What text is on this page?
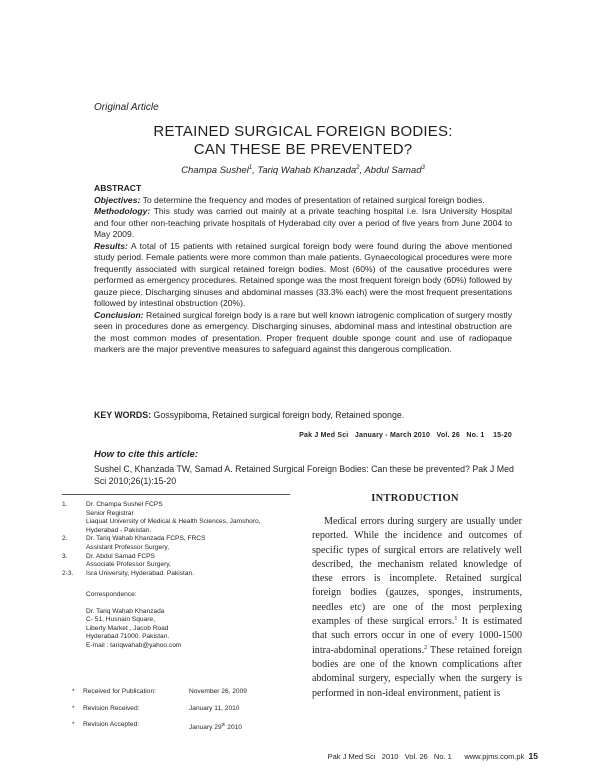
Original Article
RETAINED SURGICAL FOREIGN BODIES:
CAN THESE BE PREVENTED?
Champa Sushel$^1$, Tariq Wahab Khanzada$^2$, Abdul Samad$^3$

ABSTRACT

Objectives: To determine the frequency and modes of presentation of retained surgical foreign bodies.

Methodology: This study was carried out mainly at a private teaching hospital i.e. Isra University Hospital and four other non-teaching private hospitals of Hyderabad city over a period of five years from June 2004 to May 2009.

Results: A total of 15 patients with retained surgical foreign body were found during the above mentioned study period. Female patients were more common than male patients. Gynaecological procedures were more frequently associated with surgical retained foreign bodies. Most (60%) of the causative procedures were performed as emergency procedures. Retained sponge was the most frequent foreign body (60%) followed by gauze piece. Discharging sinuses and abdominal masses (33.3% each) were the most frequent presentations followed by intestinal obstruction (20%).

Conclusion: Retained surgical foreign body is a rare but well known iatrogenic complication of surgery mostly seen in procedures done as emergency. Discharging sinuses, abdominal mass and intestinal obstruction are the most common modes of presentation. Proper frequent double sponge count and use of radiopaque markers are the major preventive measures to safeguard against this dangerous complication.

KEY WORDS: Gossypiboma, Retained surgical foreign body, Retained sponge.
Pak J Med Sci   January - March 2010   Vol. 26   No. 1    15-20
How to cite this article:
Sushel C, Khanzada TW, Samad A. Retained Surgical Foreign Bodies: Can these be prevented? Pak J Med Sci 2010;26(1):15-20
1.	Dr. Champa Sushel FCPS
Senior Registrar
Liaquat University of Medical & Health Sciences, Jamshoro,
Hyderabad - Pakistan.
2.	Dr. Tariq Wahab Khanzada FCPS, FRCS
Assistant Professor Surgery,
3.	Dr. Abdul Samad FCPS
Associate Professor Surgery,
2-3.	Isra University, Hyderabad. Pakistan.
Correspondence:
Dr. Tariq Wahab Khanzada
C- 51, Husnain Square,
Liberty Market , Jacob Road
Hyderabad 71000. Pakistan.
E-mail : tariqwahab@yahoo.com
*	Received for Publication:	November 26, 2009
*	Revision Received:	January 11, 2010
*	Revision Accepted:	January 29th 2010
INTRODUCTION
Medical errors during surgery are usually under reported. While the incidence and outcomes of specific types of surgical errors are relatively well described, the mechanism related knowledge of these errors is incomplete. Retained surgical foreign bodies (gauzes, sponges, instruments, needles etc) are one of the most perplexing examples of these surgical errors.$^1$ It is estimated that such errors occur in one of every 1000-1500 intra-abdominal operations.$^2$ These retained foreign bodies are one of the known complications after abdominal surgery, especially when the surgery is performed in non-ideal environment, patient is
Pak J Med Sci   2010   Vol. 26   No. 1      www.pjms.com.pk  15
